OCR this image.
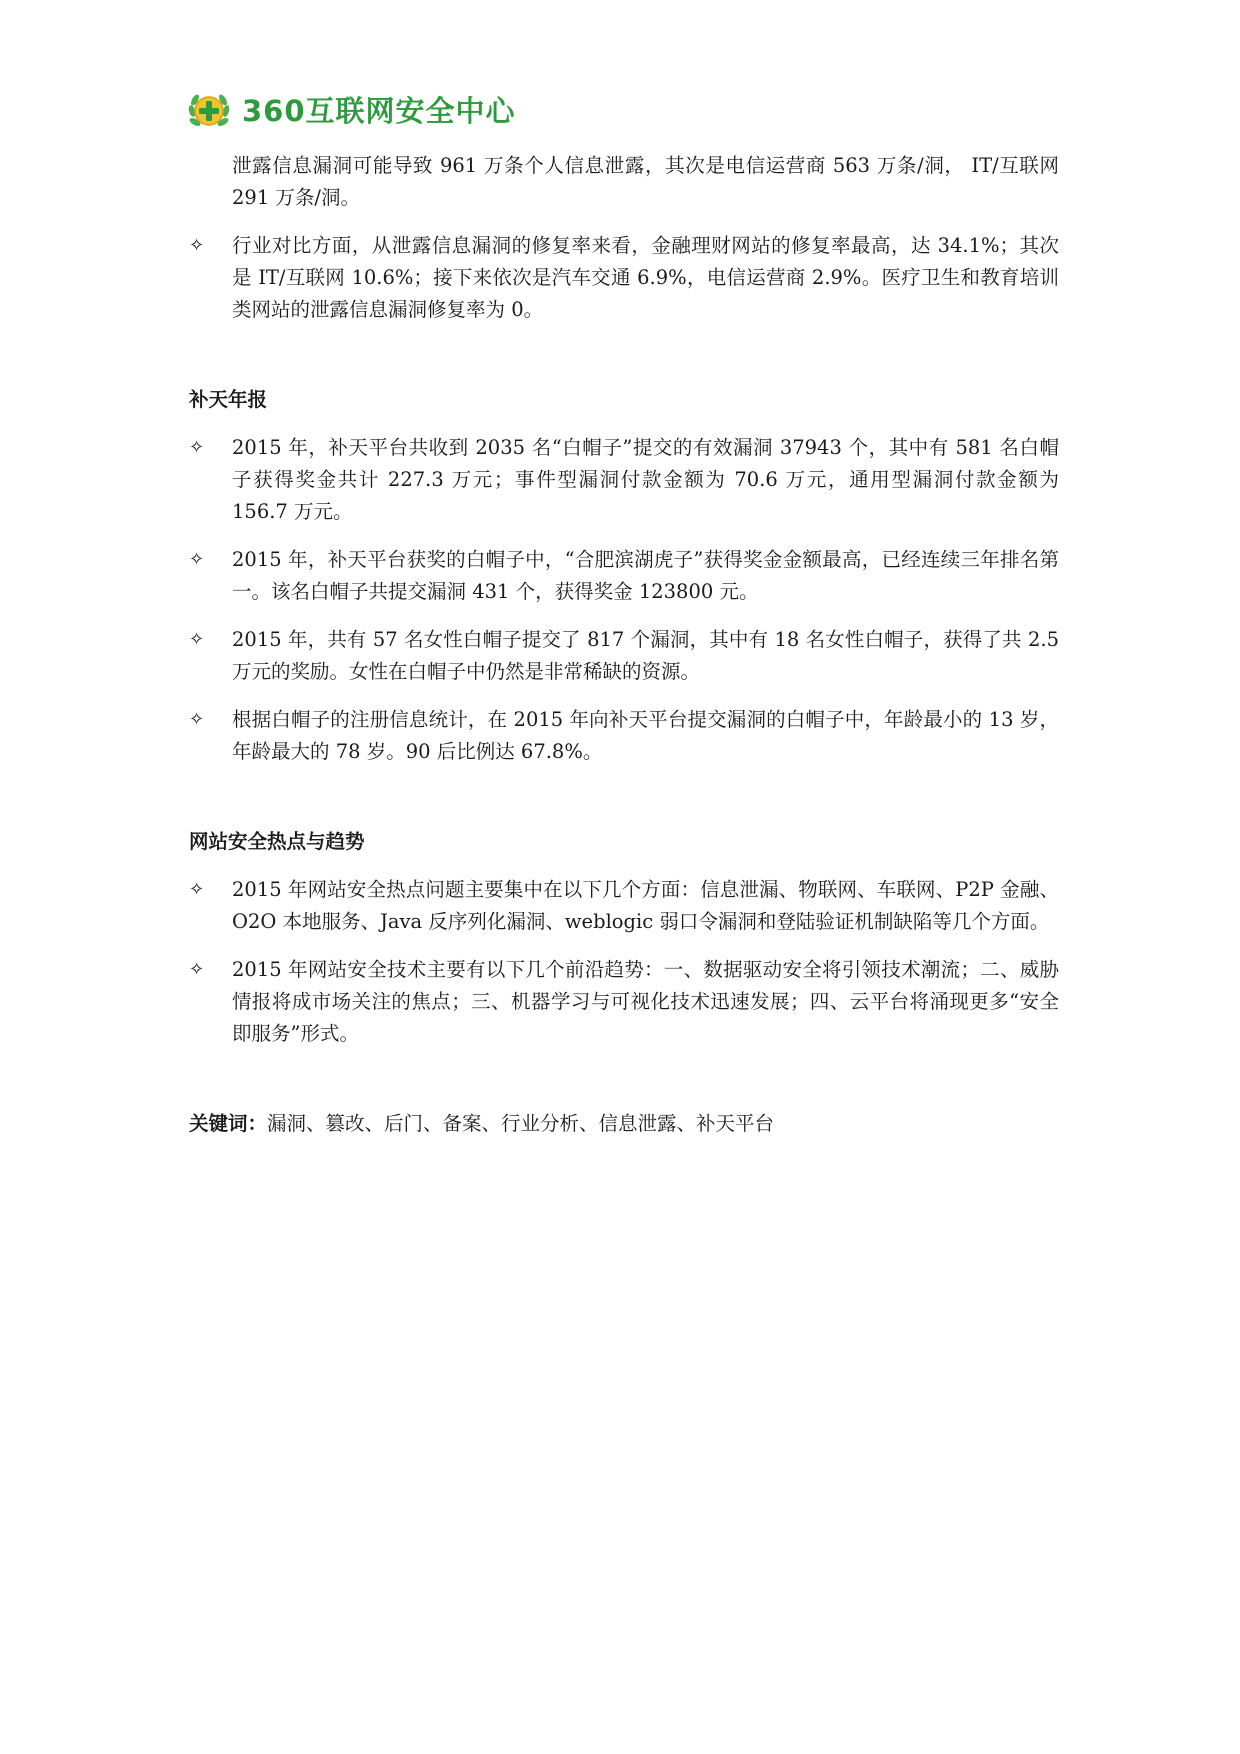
360互联网安全中心
泄露信息漏洞可能导致 961 万条个人信息泄露，其次是电信运营商 563 万条/洞， IT/互联网 291 万条/洞。
✧	行业对比方面，从泄露信息漏洞的修复率来看，金融理财网站的修复率最高，达 34.1%；其次是 IT/互联网 10.6%；接下来依次是汽车交通 6.9%，电信运营商 2.9%。医疗卫生和教育培训类网站的泄露信息漏洞修复率为 0。
补天年报
✧	2015 年，补天平台共收到 2035 名“白帽子”提交的有效漏洞 37943 个，其中有 581 名白帽子获得奖金共计 227.3 万元；事件型漏洞付款金额为 70.6 万元，通用型漏洞付款金额为 156.7 万元。
✧	2015 年，补天平台获奖的白帽子中，“合肥滨湖虎子”获得奖金金额最高，已经连续三年排名第一。该名白帽子共提交漏洞 431 个，获得奖金 123800 元。
✧	2015 年，共有 57 名女性白帽子提交了 817 个漏洞，其中有 18 名女性白帽子，获得了共 2.5 万元的奖励。女性在白帽子中仍然是非常稀缺的资源。
✧	根据白帽子的注册信息统计，在 2015 年向补天平台提交漏洞的白帽子中，年龄最小的 13 岁，年龄最大的 78 岁。90 后比例达 67.8%。
网站安全热点与趋势
✧	2015 年网站安全热点问题主要集中在以下几个方面：信息泄漏、物联网、车联网、P2P 金融、O2O 本地服务、Java 反序列化漏洞、weblogic 弱口令漏洞和登陆验证机制缺陷等几个方面。
✧	2015 年网站安全技术主要有以下几个前沿趋势：一、数据驱动安全将引领技术潮流；二、威胁情报将成市场关注的焦点；三、机器学习与可视化技术迅速发展；四、云平台将涌现更多“安全即服务”形式。
关键词：漏洞、篡改、后门、备案、行业分析、信息泄露、补天平台
